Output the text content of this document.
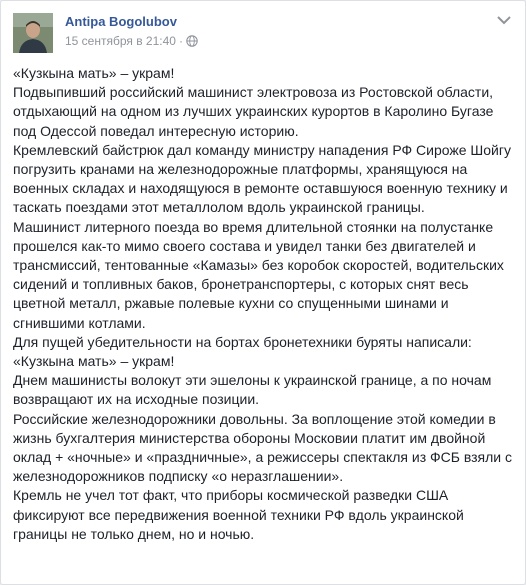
Antipa Bogolubov
15 сентября в 21:40 ·

«Кузкына мать» – украм!

Подвыпивший российский машинист электровоза из Ростовской области, отдыхающий на одном из лучших украинских курортов в Каролино Бугазе под Одессой поведал интересную историю.

Кремлевский байстрюк дал команду министру нападения РФ Сироже Шойгу погрузить кранами на железнодорожные платформы, хранящуюся на военных складах и находящуюся в ремонте оставшуюся военную технику и таскать поездами этот металлолом вдоль украинской границы.

Машинист литерного поезда во время длительной стоянки на полустанке прошелся как-то мимо своего состава и увидел танки без двигателей и трансмиссий, тентованные «Камазы» без коробок скоростей, водительских сидений и топливных баков, бронетранспортеры, с которых снят весь цветной металл, ржавые полевые кухни со спущенными шинами и сгнившими котлами.

Для пущей убедительности на бортах бронетехники буряты написали: «Кузкына мать» – украм!

Днем машинисты волокут эти эшелоны к украинской границе, а по ночам возвращают их на исходные позиции.

Российские железнодорожники довольны. За воплощение этой комедии в жизнь бухгалтерия министерства обороны Московии платит им двойной оклад + «ночные» и «праздничные», а режиссеры спектакля из ФСБ взяли с железнодорожников подписку «о неразглашении».

Кремль не учел тот факт, что приборы космической разведки США фиксируют все передвижения военной техники РФ вдоль украинской границы не только днем, но и ночью.
